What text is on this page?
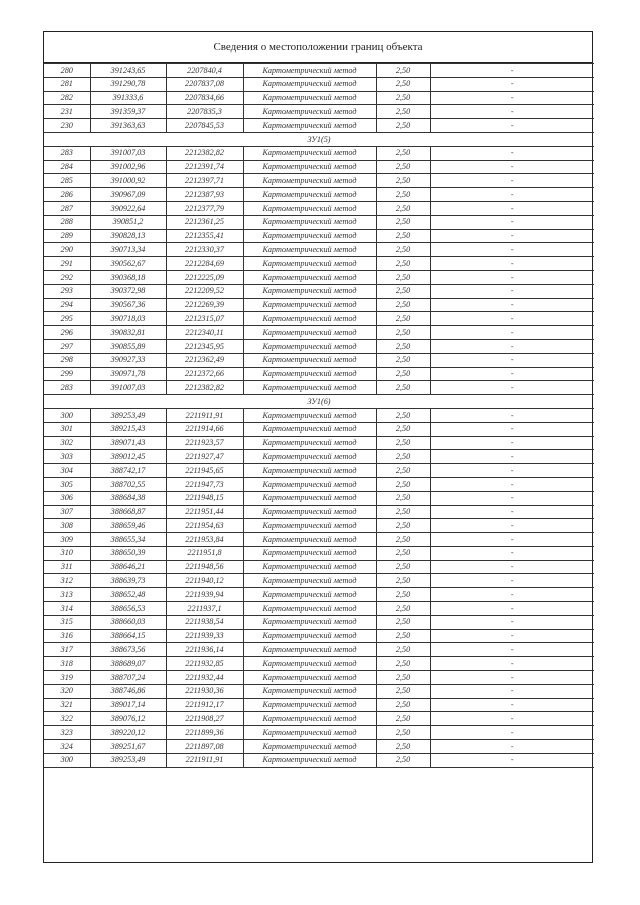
Сведения о местоположении границ объекта
280	391243,65	2207840,4	Картометрический метод	2,50	-
281	391290,78	2207837,08	Картометрический метод	2,50	-
282	391333,6	2207834,66	Картометрический метод	2,50	-
231	391359,37	2207835,3	Картометрический метод	2,50	-
230	391363,63	2207845,53	Картометрический метод	2,50	-
ЗУ1(5)					
283	391007,03	2212382,82	Картометрический метод	2,50	-
284	391002,96	2212391,74	Картометрический метод	2,50	-
285	391000,92	2212397,71	Картометрический метод	2,50	-
286	390967,09	2212387,93	Картометрический метод	2,50	-
287	390922,64	2212377,79	Картометрический метод	2,50	-
288	390851,2	2212361,25	Картометрический метод	2,50	-
289	390828,13	2212355,41	Картометрический метод	2,50	-
290	390713,34	2212330,37	Картометрический метод	2,50	-
291	390562,67	2212284,69	Картометрический метод	2,50	-
292	390368,18	2212225,09	Картометрический метод	2,50	-
293	390372,98	2212209,52	Картометрический метод	2,50	-
294	390567,36	2212269,39	Картометрический метод	2,50	-
295	390718,03	2212315,07	Картометрический метод	2,50	-
296	390832,81	2212340,11	Картометрический метод	2,50	-
297	390855,89	2212345,95	Картометрический метод	2,50	-
298	390927,33	2212362,49	Картометрический метод	2,50	-
299	390971,78	2212372,66	Картометрический метод	2,50	-
283	391007,03	2212382,82	Картометрический метод	2,50	-
ЗУ1(6)					
300	389253,49	2211911,91	Картометрический метод	2,50	-
301	389215,43	2211914,66	Картометрический метод	2,50	-
302	389071,43	2211923,57	Картометрический метод	2,50	-
303	389012,45	2211927,47	Картометрический метод	2,50	-
304	388742,17	2211945,65	Картометрический метод	2,50	-
305	388702,55	2211947,73	Картометрический метод	2,50	-
306	388684,38	2211948,15	Картометрический метод	2,50	-
307	388668,87	2211951,44	Картометрический метод	2,50	-
308	388659,46	2211954,63	Картометрический метод	2,50	-
309	388655,34	2211953,84	Картометрический метод	2,50	-
310	388650,39	2211951,8	Картометрический метод	2,50	-
311	388646,21	2211948,56	Картометрический метод	2,50	-
312	388639,73	2211940,12	Картометрический метод	2,50	-
313	388652,48	2211939,94	Картометрический метод	2,50	-
314	388656,53	2211937,1	Картометрический метод	2,50	-
315	388660,03	2211938,54	Картометрический метод	2,50	-
316	388664,15	2211939,33	Картометрический метод	2,50	-
317	388673,56	2211936,14	Картометрический метод	2,50	-
318	388689,07	2211932,85	Картометрический метод	2,50	-
319	388707,24	2211932,44	Картометрический метод	2,50	-
320	388746,86	2211930,36	Картометрический метод	2,50	-
321	389017,14	2211912,17	Картометрический метод	2,50	-
322	389076,12	2211908,27	Картометрический метод	2,50	-
323	389220,12	2211899,36	Картометрический метод	2,50	-
324	389251,67	2211897,08	Картометрический метод	2,50	-
300	389253,49	2211911,91	Картометрический метод	2,50	-
